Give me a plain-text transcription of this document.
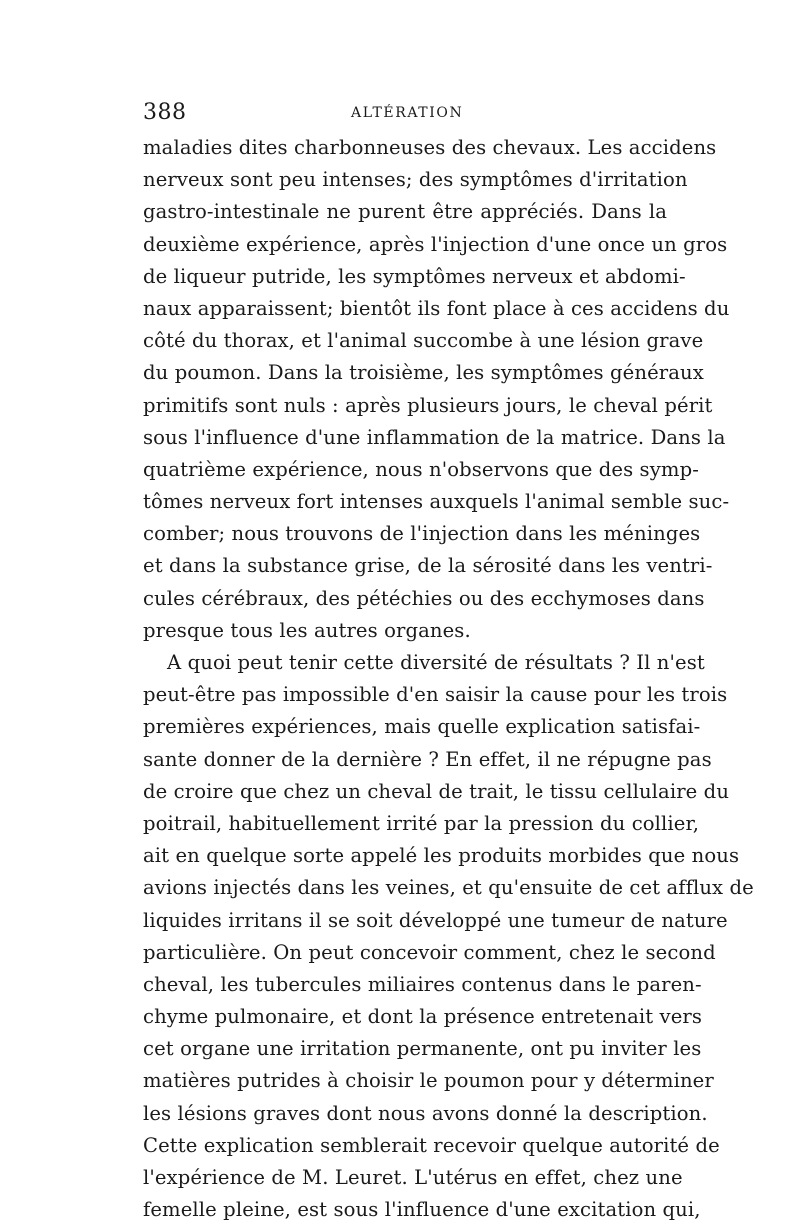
388	ALTÉRATION
maladies dites charbonneuses des chevaux. Les accidens
nerveux sont peu intenses; des symptômes d'irritation
gastro-intestinale ne purent être appréciés. Dans la
deuxième expérience, après l'injection d'une once un gros
de liqueur putride, les symptômes nerveux et abdomi-
naux apparaissent; bientôt ils font place à ces accidens du
côté du thorax, et l'animal succombe à une lésion grave
du poumon. Dans la troisième, les symptômes généraux
primitifs sont nuls : après plusieurs jours, le cheval périt
sous l'influence d'une inflammation de la matrice. Dans la
quatrième expérience, nous n'observons que des symp-
tômes nerveux fort intenses auxquels l'animal semble suc-
comber; nous trouvons de l'injection dans les méninges
et dans la substance grise, de la sérosité dans les ventri-
cules cérébraux, des pétéchies ou des ecchymoses dans
presque tous les autres organes.
A quoi peut tenir cette diversité de résultats ? Il n'est
peut-être pas impossible d'en saisir la cause pour les trois
premières expériences, mais quelle explication satisfai-
sante donner de la dernière ? En effet, il ne répugne pas
de croire que chez un cheval de trait, le tissu cellulaire du
poitrail, habituellement irrité par la pression du collier,
ait en quelque sorte appelé les produits morbides que nous
avions injectés dans les veines, et qu'ensuite de cet afflux de
liquides irritans il se soit développé une tumeur de nature
particulière. On peut concevoir comment, chez le second
cheval, les tubercules miliaires contenus dans le paren-
chyme pulmonaire, et dont la présence entretenait vers
cet organe une irritation permanente, ont pu inviter les
matières putrides à choisir le poumon pour y déterminer
les lésions graves dont nous avons donné la description.
Cette explication semblerait recevoir quelque autorité de
l'expérience de M. Leuret. L'utérus en effet, chez une
femelle pleine, est sous l'influence d'une excitation qui,
